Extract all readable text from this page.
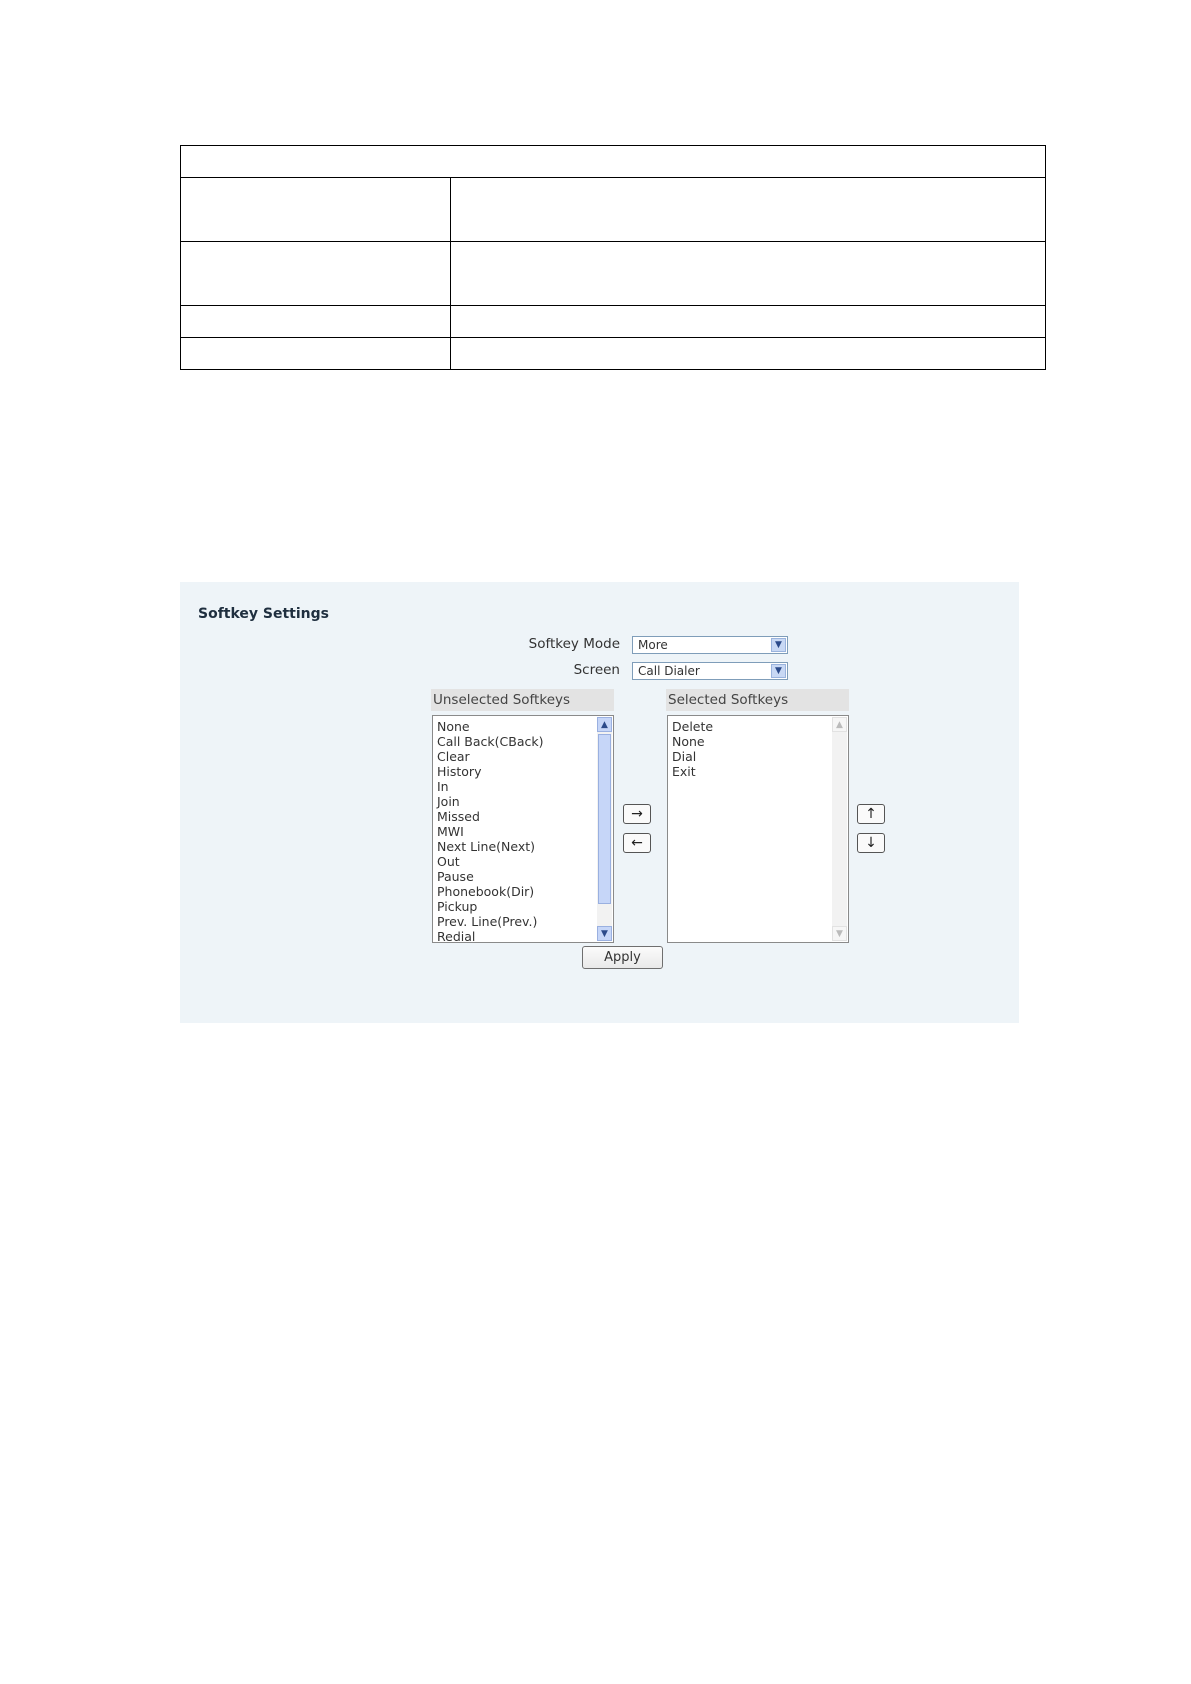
Softkey Settings
Softkey Mode More	▼
Screen Call Dialer	▼
Unselected Softkeys
None
Call Back(CBack)
Clear
History
In
Join
Missed
MWI
Next Line(Next)
Out
Pause
Phonebook(Dir)
Pickup
Prev. Line(Prev.)
Redial
▲
▼
→
←
Selected Softkeys
Delete
None
Dial
Exit
▲
▼
↑
↓
Apply
